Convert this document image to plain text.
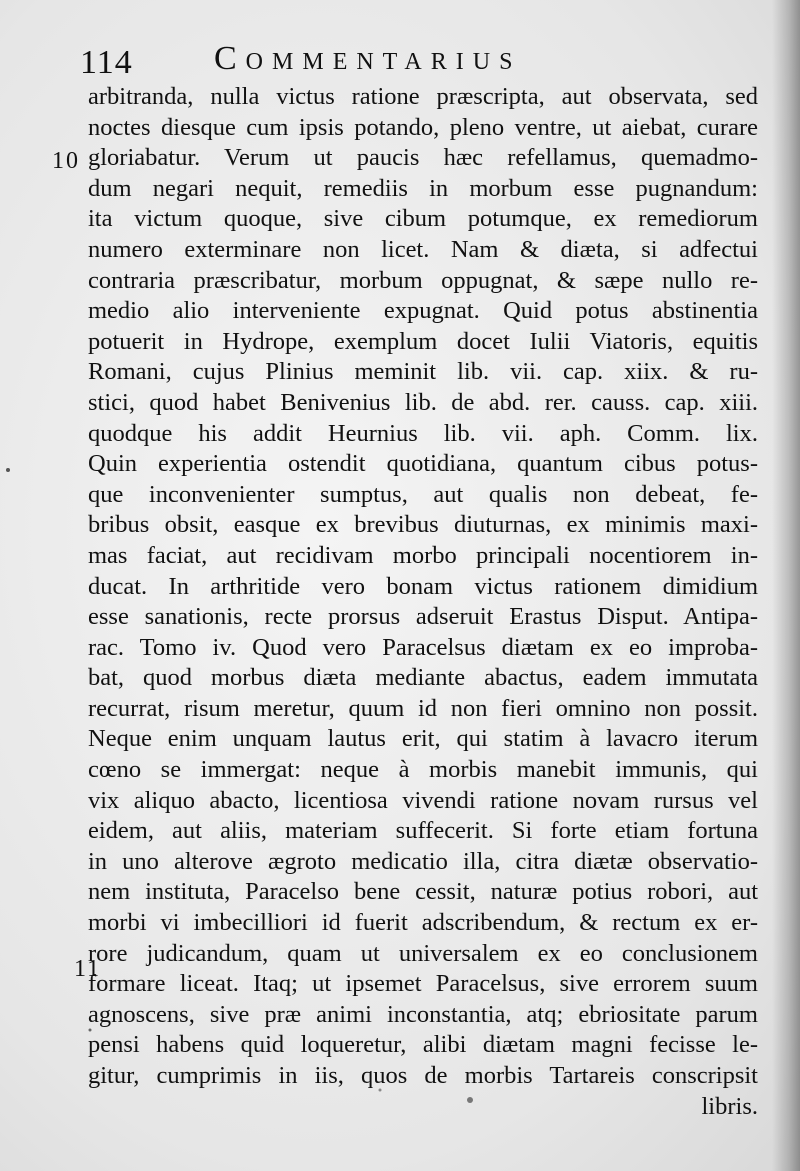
114 Commentarius
10
11
arbitranda, nulla victus ratione præscripta, aut observata, sed
noctes diesque cum ipsis potando, pleno ventre, ut aiebat, curare
gloriabatur. Verum ut paucis hæc refellamus, quemadmo-
dum negari nequit, remediis in morbum esse pugnandum:
ita victum quoque, sive cibum potumque, ex remediorum
numero exterminare non licet. Nam & diæta, si adfectui
contraria præscribatur, morbum oppugnat, & sæpe nullo re-
medio alio interveniente expugnat. Quid potus abstinentia
potuerit in Hydrope, exemplum docet Iulii Viatoris, equitis
Romani, cujus Plinius meminit lib. vii. cap. xiix. & ru-
stici, quod habet Benivenius lib. de abd. rer. causs. cap. xiii.
quodque his addit Heurnius lib. vii. aph. Comm. lix.
Quin experientia ostendit quotidiana, quantum cibus potus-
que inconvenienter sumptus, aut qualis non debeat, fe-
bribus obsit, easque ex brevibus diuturnas, ex minimis maxi-
mas faciat, aut recidivam morbo principali nocentiorem in-
ducat. In arthritide vero bonam victus rationem dimidium
esse sanationis, recte prorsus adseruit Erastus Disput. Antipa-
rac. Tomo iv. Quod vero Paracelsus diætam ex eo improba-
bat, quod morbus diæta mediante abactus, eadem immutata
recurrat, risum meretur, quum id non fieri omnino non possit.
Neque enim unquam lautus erit, qui statim à lavacro iterum
cœno se immergat: neque à morbis manebit immunis, qui
vix aliquo abacto, licentiosa vivendi ratione novam rursus vel
eidem, aut aliis, materiam suffecerit. Si forte etiam fortuna
in uno alterove ægroto medicatio illa, citra diætæ observatio-
nem instituta, Paracelso bene cessit, naturæ potius robori, aut
morbi vi imbecilliori id fuerit adscribendum, & rectum ex er-
rore judicandum, quam ut universalem ex eo conclusionem
formare liceat. Itaq; ut ipsemet Paracelsus, sive errorem suum
agnoscens, sive præ animi inconstantia, atq; ebriositate parum
pensi habens quid loqueretur, alibi diætam magni fecisse le-
gitur, cumprimis in iis, quos de morbis Tartareis conscripsit
libris.
